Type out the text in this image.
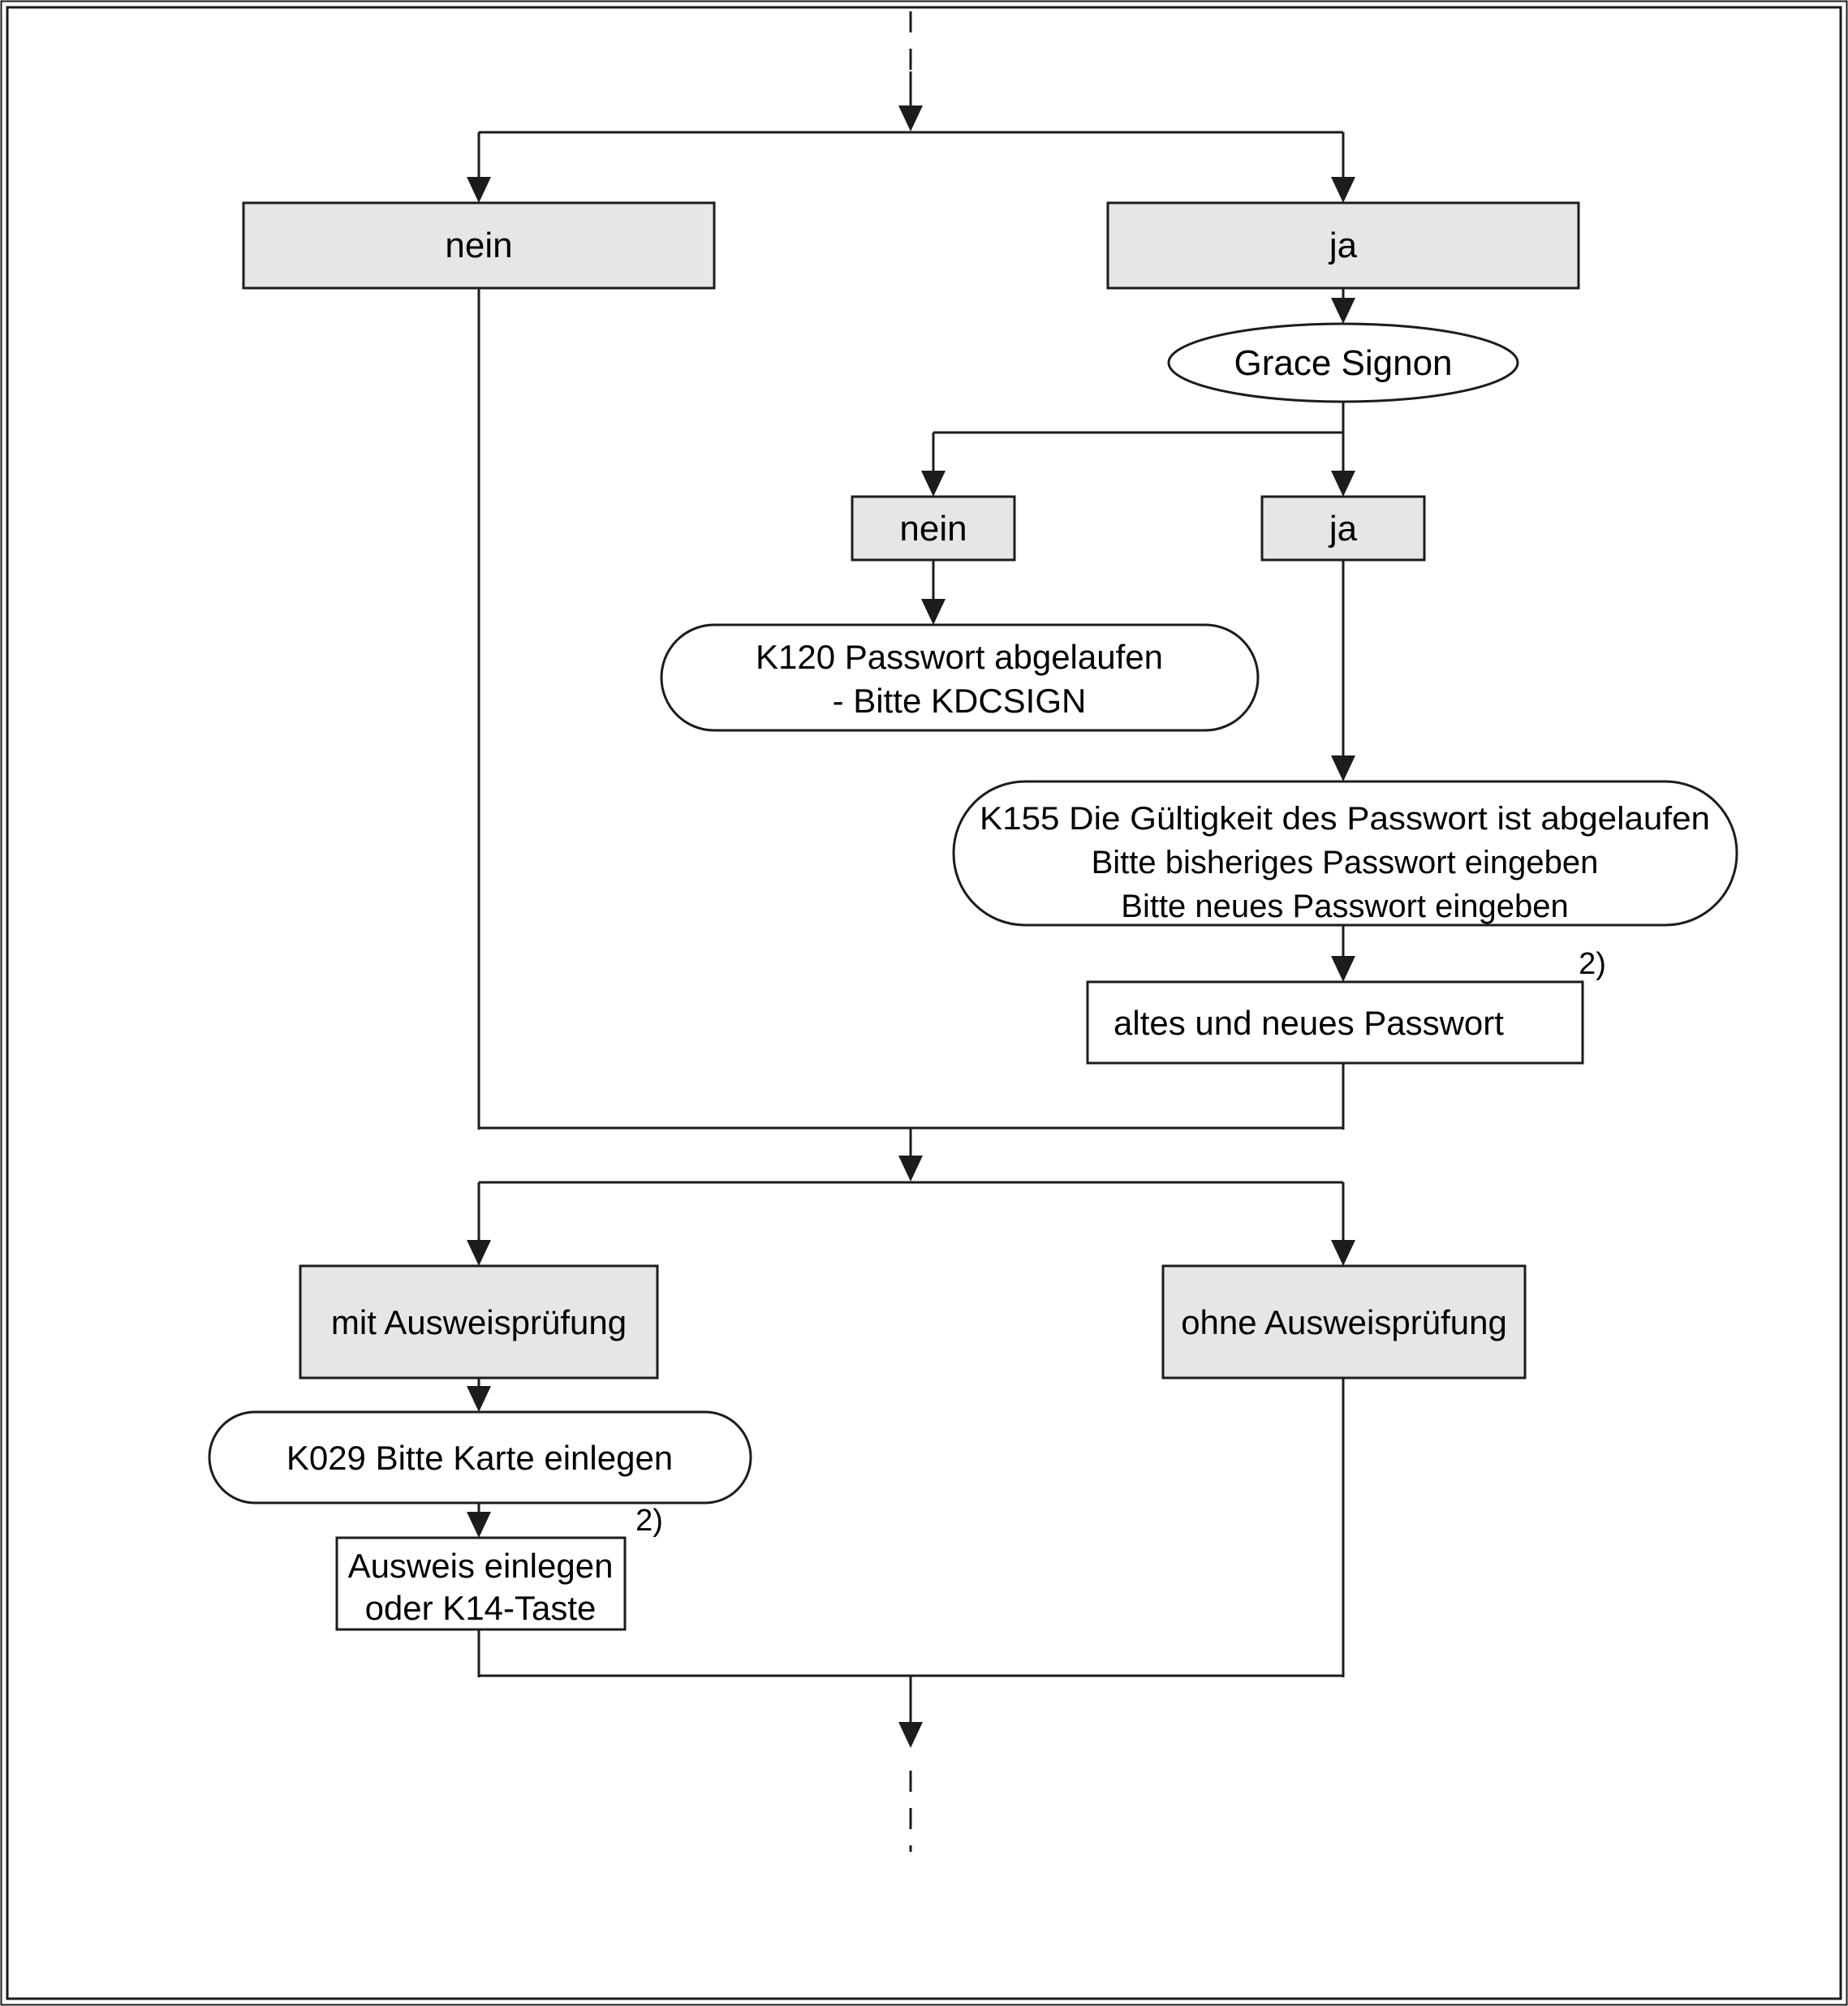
nein	ja
Grace Signon
nein	ja
K120 Passwort abgelaufen
- Bitte KDCSIGN
K155 Die Gültigkeit des Passwort ist abgelaufen
Bitte bisheriges Passwort eingeben
Bitte neues Passwort eingeben
2)
altes und neues Passwort
mit Ausweisprüfung	ohne Ausweisprüfung
K029 Bitte Karte einlegen
2)
Ausweis einlegen
oder K14-Taste
